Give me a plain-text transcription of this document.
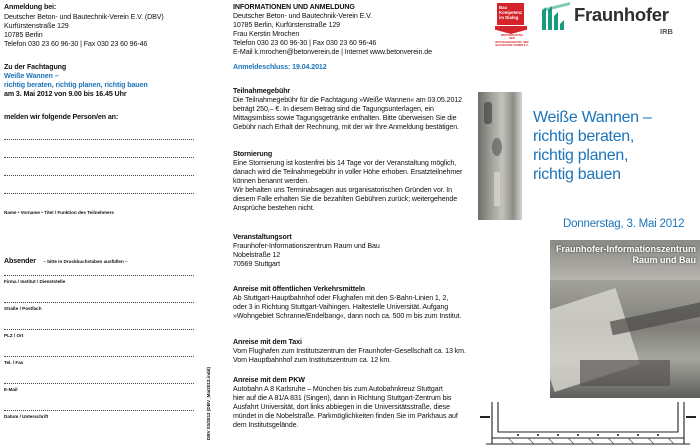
Anmeldung bei:
Deutscher Beton- und Bautechnik-Verein E.V. (DBV)
Kurfürstenstraße 129
10785 Berlin
Telefon 030 23 60 96-30 | Fax 030 23 60 96-46
Zu der Fachtagung
Weiße Wannen –
richtig beraten, richtig planen, richtig bauen
am 3. Mai 2012 von 9.00 bis 16.45 Uhr
melden wir folgende Person/en an:
Name • Vorname • Titel / Funktion des Teilnehmers
Absender – bitte in Druckbuchstaben ausfüllen –
Firma / Institut / Dienststelle
Straße / Postfach
PLZ / Ort
Tel. / Fax
E-Mail
Datum / Unterschrift	DBV 03/2012 (DBV_Mai2012.indd)
INFORMATIONEN UND ANMELDUNG
Deutscher Beton- und Bautechnik-Verein E.V.
10785 Berlin, Kurfürstenstraße 129
Frau Kerstin Mrochen
Telefon 030 23 60 96-30 | Fax 030 23 60 96-46
E-Mail k.mrochen@betonverein.de | Internet www.betonverein.de
Anmeldeschluss: 19.04.2012
Teilnahmegebühr
Die Teilnahmegebühr für die Fachtagung »Weiße Wannen« am 03.05.2012
beträgt 250,– €. In diesem Betrag sind die Tagungsunterlagen, ein
Mittagsimbiss sowie Tagungsgetränke enthalten. Bitte überweisen Sie die
Gebühr nach Erhalt der Rechnung, mit der wir Ihre Anmeldung bestätigen.
Stornierung
Eine Stornierung ist kostenfrei bis 14 Tage vor der Veranstaltung möglich,
danach wird die Teilnahmegebühr in voller Höhe erhoben. Ersatzteilnehmer
können benannt werden.
Wir behalten uns Terminabsagen aus organisatorischen Gründen vor. In
diesem Falle erhalten Sie die bezahlten Gebühren zurück; weitergehende
Ansprüche bestehen nicht.
Veranstaltungsort
Fraunhofer-Informationszentrum Raum und Bau
Nobelstraße 12
70569 Stuttgart
Anreise mit öffentlichen Verkehrsmitteln
Ab Stuttgart-Hauptbahnhof oder Flughafen mit den S-Bahn-Linien 1, 2,
oder 3 in Richtung Stuttgart-Vaihingen. Haltestelle Universität. Aufgang
»Wohngebiet Schranne/Endelbang«, dann noch ca. 500 m bis zum Institut.
Anreise mit dem Taxi
Vom Flughafen zum Institutszentrum der Fraunhofer-Gesellschaft ca. 13 km.
Vom Hauptbahnhof zum Institutszentrum ca. 12 km.
Anreise mit dem PKW
Autobahn A 8 Karlsruhe – München bis zum Autobahnkreuz Stuttgart
hier auf die A 81/A 831 (Singen), dann in Richtung Stuttgart-Zentrum bis
Ausfahrt Universität, dort links abbiegen in die Universitätsstraße, diese
mündet in die Nobelstraße. Parkmöglichkeiten finden Sie im Parkhaus auf
dem Institutsgelände.
Bau
Kompetenz
im Dialog
WEITERBILDUNG
DER
DEUTSCHEN BETON- UND
BAUTECHNIK-VEREIN E.V.
Fraunhofer
IRB
Weiße Wannen –
richtig beraten,
richtig planen,
richtig bauen
Donnerstag, 3. Mai 2012
Fraunhofer-Informationszentrum
Raum und Bau
